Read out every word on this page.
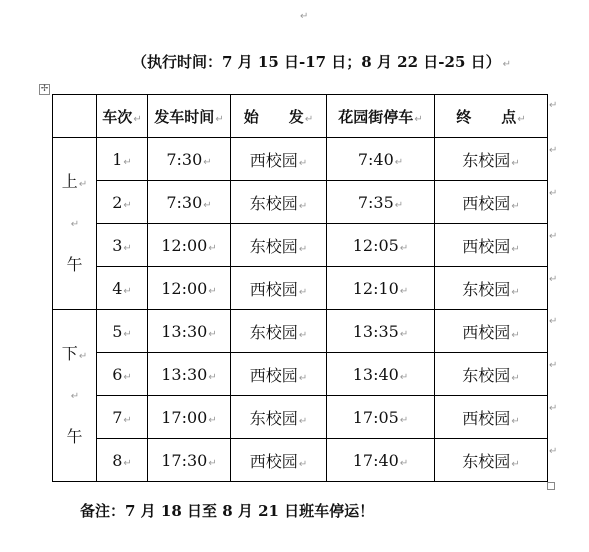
↵
（执行时间：7 月 15 日-17 日；8 月 22 日-25 日） ↵
✢
	车次↵	发车时间↵	始　　发↵	花园街停车↵	终　　点↵

上↵
↵
午	1↵	7:30↵	西校园↵	7:40↵	东校园↵
	2↵	7:30↵	东校园↵	7:35↵	西校园↵
	3↵	12:00↵	东校园↵	12:05↵	西校园↵
	4↵	12:00↵	西校园↵	12:10↵	东校园↵

下↵
↵
午	5↵	13:30↵	东校园↵	13:35↵	西校园↵
	6↵	13:30↵	西校园↵	13:40↵	东校园↵
	7↵	17:00↵	东校园↵	17:05↵	西校园↵
	8↵	17:30↵	西校园↵	17:40↵	东校园↵
备注：7 月 18 日至 8 月 21 日班车停运！
↵
↵
↵
↵
↵
↵
↵
↵
↵
